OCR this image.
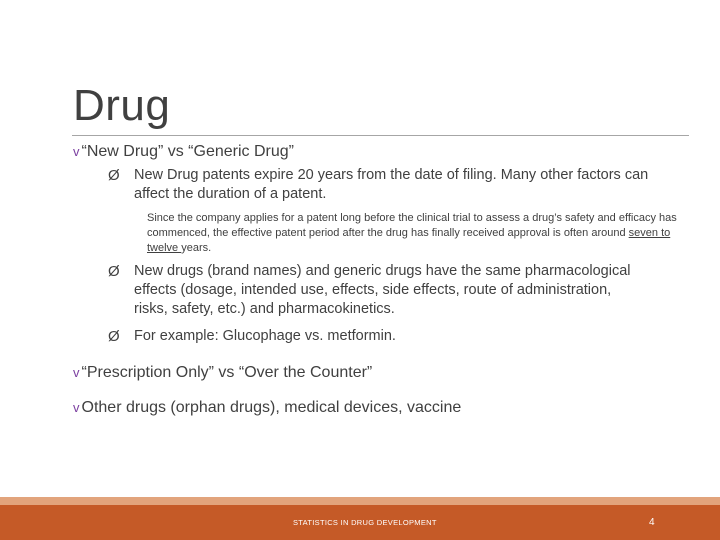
Drug
v “New Drug” vs “Generic Drug”
Ø New Drug patents expire 20 years from the date of filing. Many other factors can affect the duration of a patent.
Since the company applies for a patent long before the clinical trial to assess a drug’s safety and efficacy has commenced, the effective patent period after the drug has finally received approval is often around seven to twelve years.
Ø New drugs (brand names) and generic drugs have the same pharmacological effects (dosage, intended use, effects, side effects, route of administration, risks, safety, etc.) and pharmacokinetics.
Ø For example: Glucophage vs. metformin.
v “Prescription Only” vs “Over the Counter”
v Other drugs (orphan drugs), medical devices, vaccine
STATISTICS IN DRUG DEVELOPMENT	4
